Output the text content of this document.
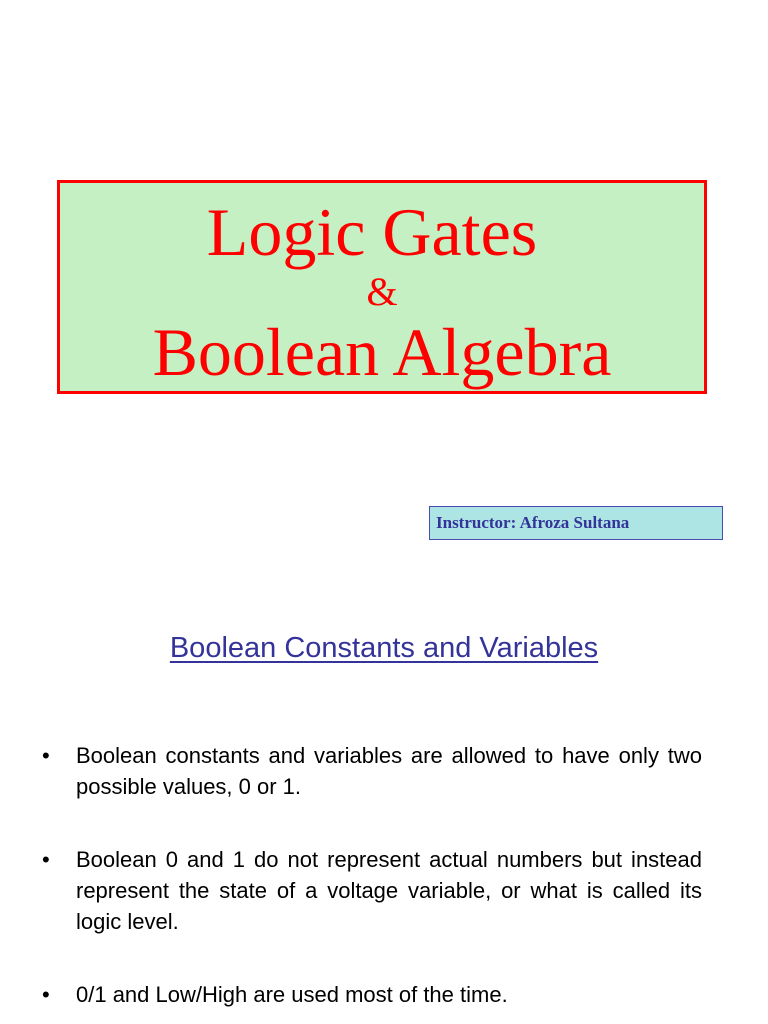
Logic Gates
&
Boolean Algebra
Instructor: Afroza Sultana
Boolean Constants and Variables
•	Boolean constants and variables are allowed to have only two possible values, 0 or 1.
•	Boolean 0 and 1 do not represent actual numbers but instead represent the state of a voltage variable, or what is called its logic level.
•	0/1 and Low/High are used most of the time.
